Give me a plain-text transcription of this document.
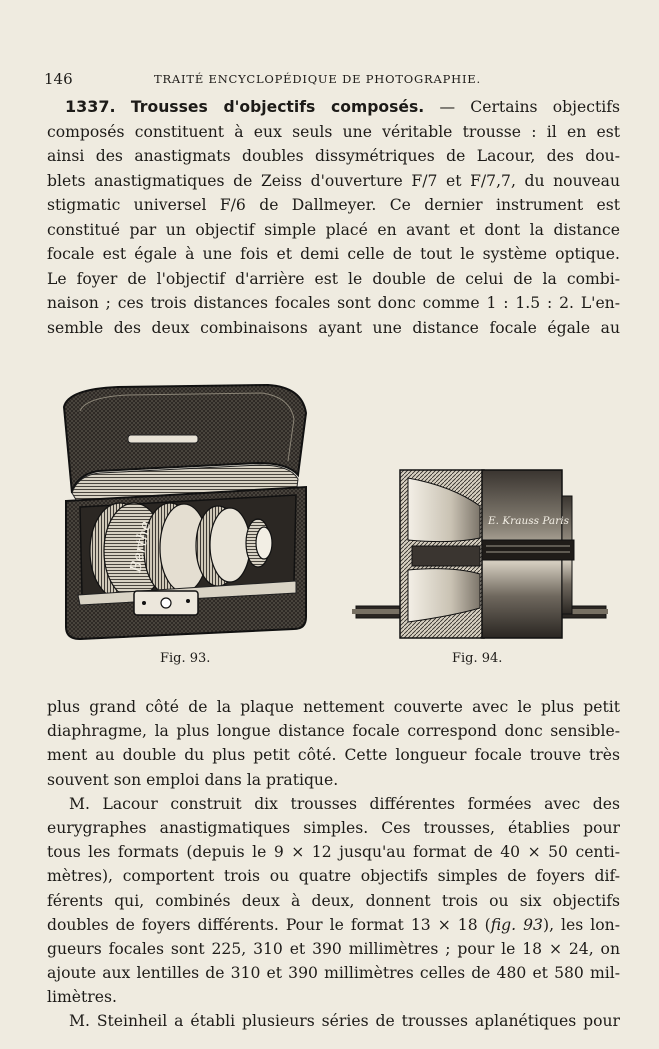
146	TRAITÉ ENCYCLOPÉDIQUE DE PHOTOGRAPHIE.
1337. Trousses d'objectifs composés. — Certains objectifs
composés constituent à eux seuls une véritable trousse : il en est
ainsi des anastigmats doubles dissymétriques de Lacour, des dou-
blets anastigmatiques de Zeiss d'ouverture F/7 et F/7,7, du nouveau
stigmatic universel F/6 de Dallmeyer. Ce dernier instrument est
constitué par un objectif simple placé en avant et dont la distance
focale est égale à une fois et demi celle de tout le système optique.
Le foyer de l'objectif d'arrière est le double de celui de la combi-
naison ; ces trois distances focales sont donc comme 1 : 1.5 : 2. L'en-
semble des deux combinaisons ayant une distance focale égale au
Berthe	E. Krauss Paris
Fig. 93.	Fig. 94.
plus grand côté de la plaque nettement couverte avec le plus petit
diaphragme, la plus longue distance focale correspond donc sensible-
ment au double du plus petit côté. Cette longueur focale trouve très
souvent son emploi dans la pratique.
M. Lacour construit dix trousses différentes formées avec des
eurygraphes anastigmatiques simples. Ces trousses, établies pour
tous les formats (depuis le 9 × 12 jusqu'au format de 40 × 50 centi-
mètres), comportent trois ou quatre objectifs simples de foyers dif-
férents qui, combinés deux à deux, donnent trois ou six objectifs
doubles de foyers différents. Pour le format 13 × 18 (fig. 93), les lon-
gueurs focales sont 225, 310 et 390 millimètres ; pour le 18 × 24, on
ajoute aux lentilles de 310 et 390 millimètres celles de 480 et 580 mil-
limètres.
M. Steinheil a établi plusieurs séries de trousses aplanétiques pour
